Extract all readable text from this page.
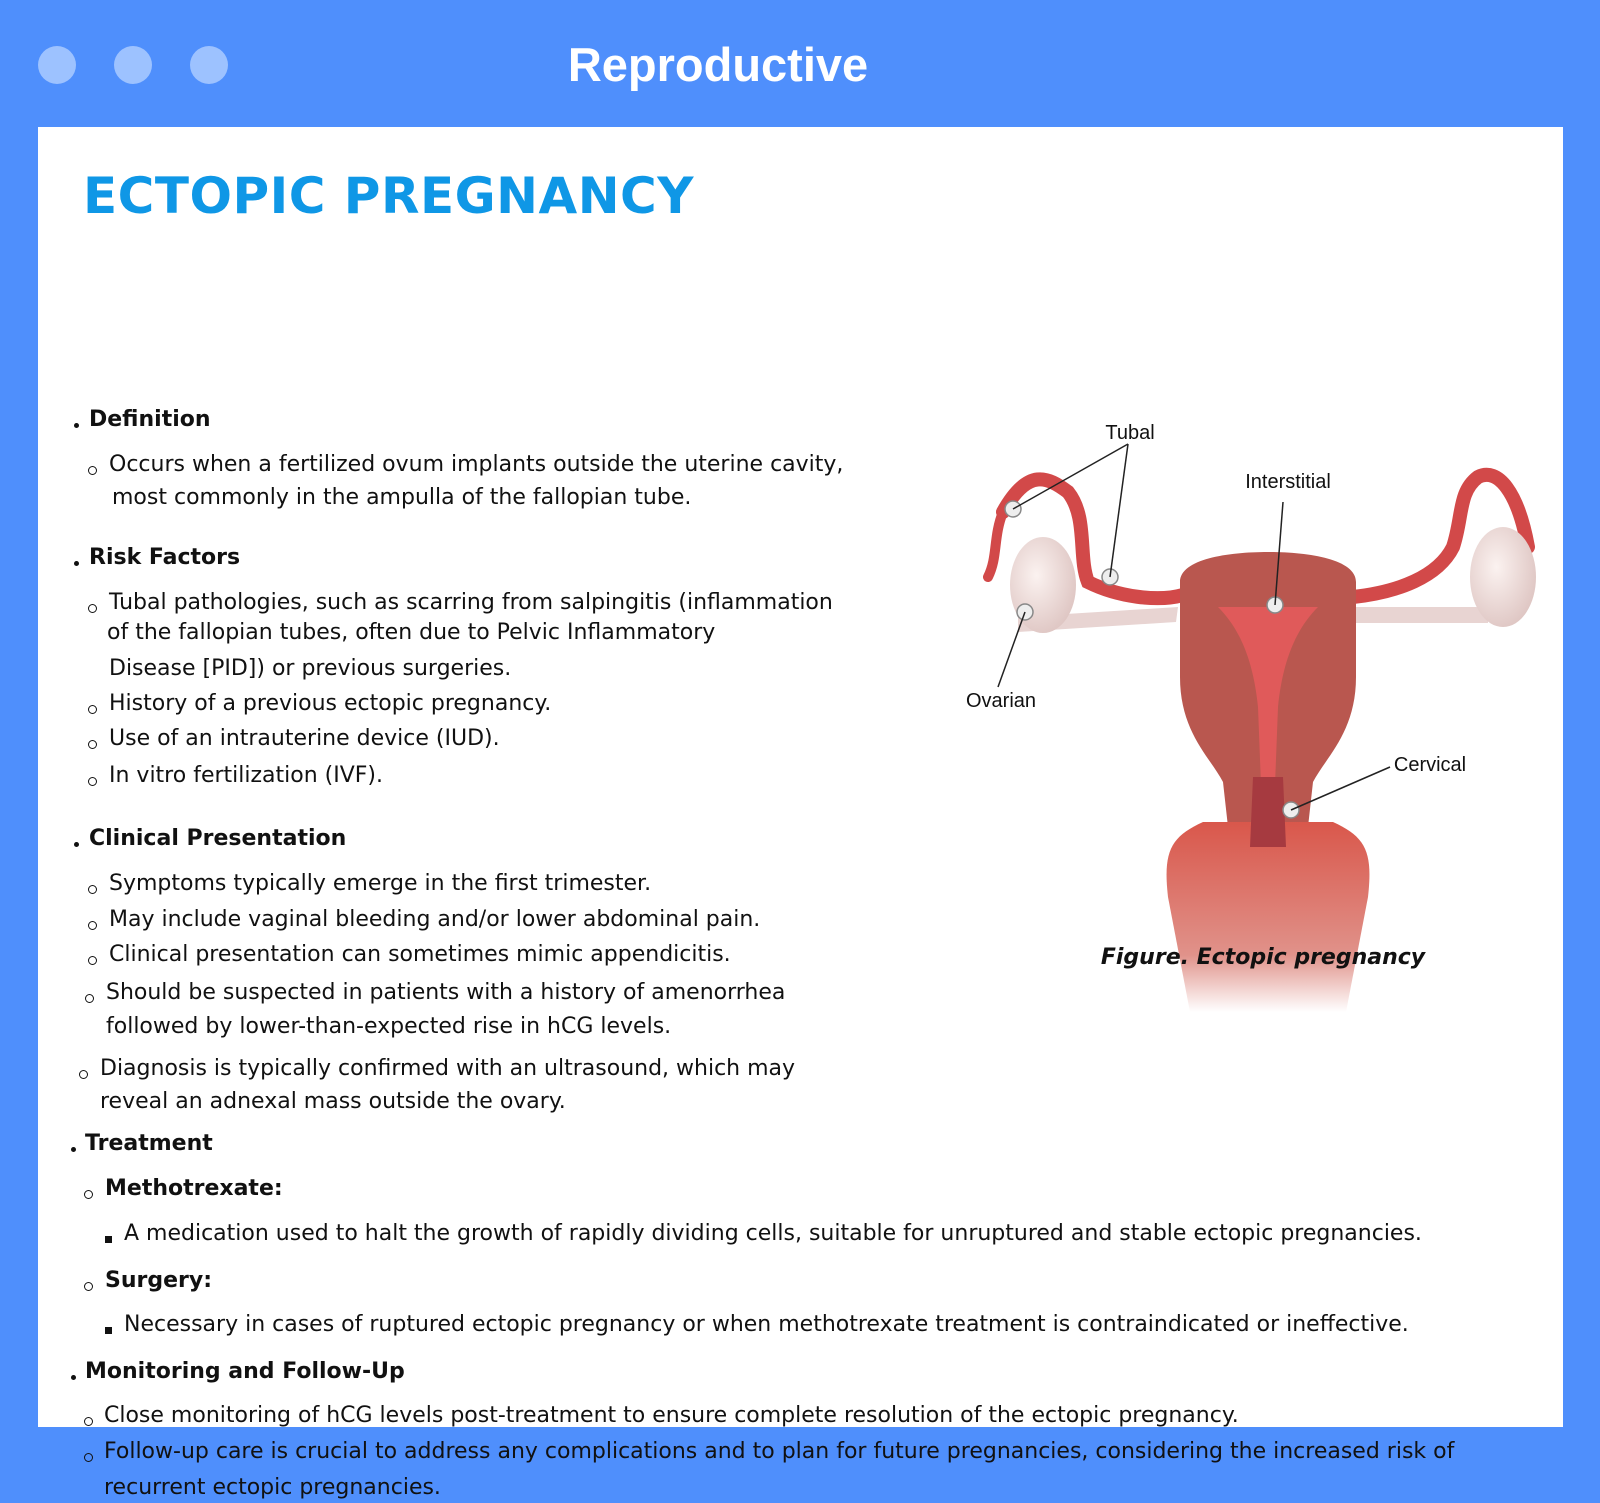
Reproductive
ECTOPIC PREGNANCY
Definition
Occurs when a fertilized ovum implants outside the uterine cavity,
most commonly in the ampulla of the fallopian tube.
Risk Factors
Tubal pathologies, such as scarring from salpingitis (inflammation
of the fallopian tubes, often due to Pelvic Inflammatory
Disease [PID]) or previous surgeries.
History of a previous ectopic pregnancy.
Use of an intrauterine device (IUD).
In vitro fertilization (IVF).
Clinical Presentation
Symptoms typically emerge in the first trimester.
May include vaginal bleeding and/or lower abdominal pain.
Clinical presentation can sometimes mimic appendicitis.
Should be suspected in patients with a history of amenorrhea
followed by lower-than-expected rise in hCG levels.
Diagnosis is typically confirmed with an ultrasound, which may
reveal an adnexal mass outside the ovary.
Treatment
Methotrexate:
A medication used to halt the growth of rapidly dividing cells, suitable for unruptured and stable ectopic pregnancies.
Surgery:
Necessary in cases of ruptured ectopic pregnancy or when methotrexate treatment is contraindicated or ineffective.
Monitoring and Follow-Up
Close monitoring of hCG levels post-treatment to ensure complete resolution of the ectopic pregnancy.
Follow-up care is crucial to address any complications and to plan for future pregnancies, considering the increased risk of
recurrent ectopic pregnancies.
Tubal
Interstitial
Ovarian
Cervical
Figure. Ectopic pregnancy
